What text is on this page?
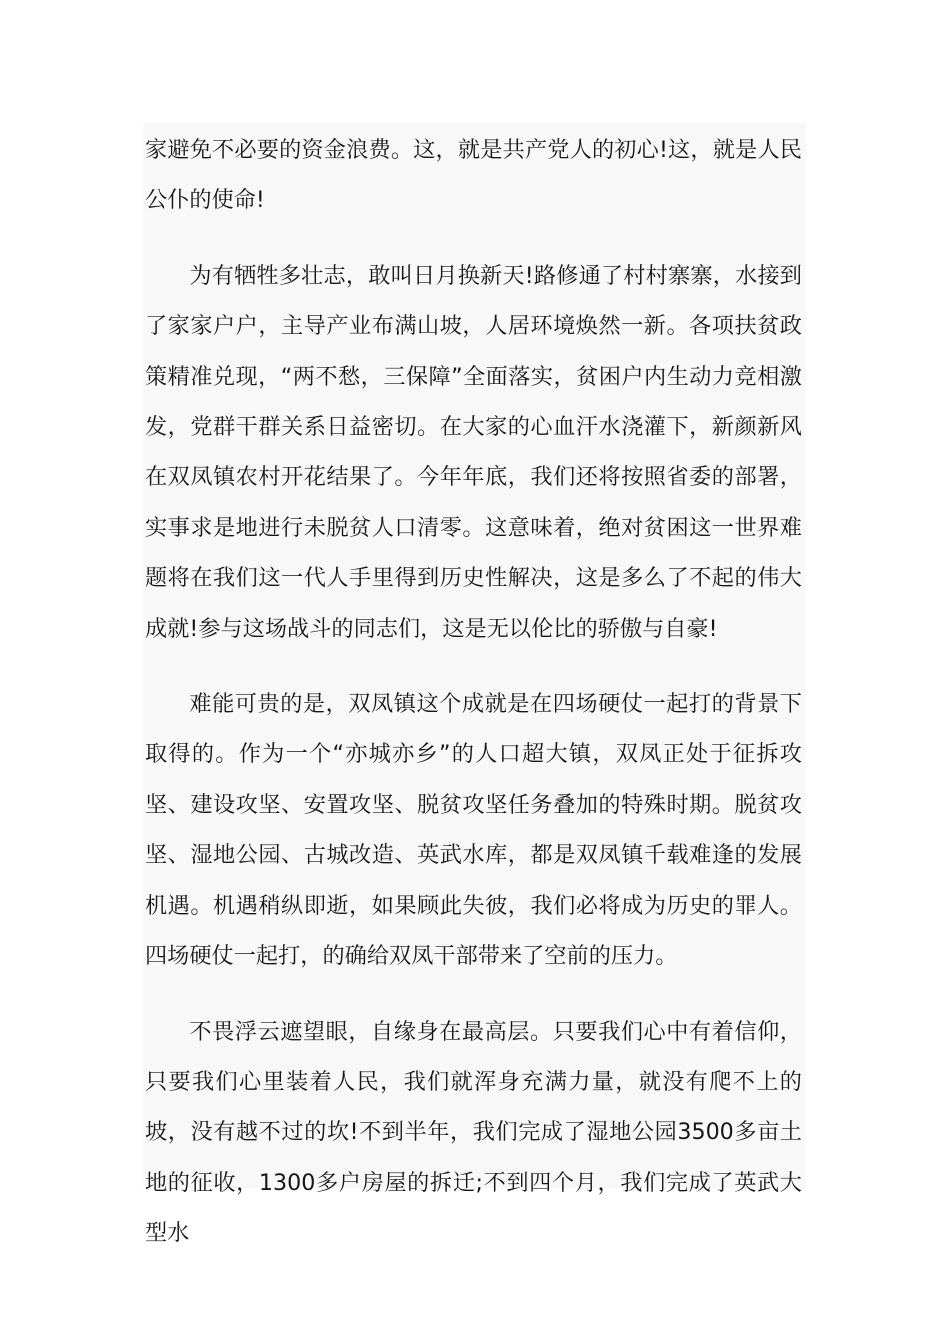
家避免不必要的资金浪费。这，就是共产党人的初心!这，就是人民公仆的使命!

为有牺牲多壮志，敢叫日月换新天!路修通了村村寨寨，水接到了家家户户，主导产业布满山坡，人居环境焕然一新。各项扶贫政策精准兑现，“两不愁，三保障”全面落实，贫困户内生动力竞相激发，党群干群关系日益密切。在大家的心血汗水浇灌下，新颜新风在双凤镇农村开花结果了。今年年底，我们还将按照省委的部署，实事求是地进行未脱贫人口清零。这意味着，绝对贫困这一世界难题将在我们这一代人手里得到历史性解决，这是多么了不起的伟大成就!参与这场战斗的同志们，这是无以伦比的骄傲与自豪!

难能可贵的是，双凤镇这个成就是在四场硬仗一起打的背景下取得的。作为一个“亦城亦乡”的人口超大镇，双凤正处于征拆攻坚、建设攻坚、安置攻坚、脱贫攻坚任务叠加的特殊时期。脱贫攻坚、湿地公园、古城改造、英武水库，都是双凤镇千载难逢的发展机遇。机遇稍纵即逝，如果顾此失彼，我们必将成为历史的罪人。四场硬仗一起打，的确给双凤干部带来了空前的压力。

不畏浮云遮望眼，自缘身在最高层。只要我们心中有着信仰，只要我们心里装着人民，我们就浑身充满力量，就没有爬不上的坡，没有越不过的坎!不到半年，我们完成了湿地公园3500多亩土地的征收，1300多户房屋的拆迁;不到四个月，我们完成了英武大型水
